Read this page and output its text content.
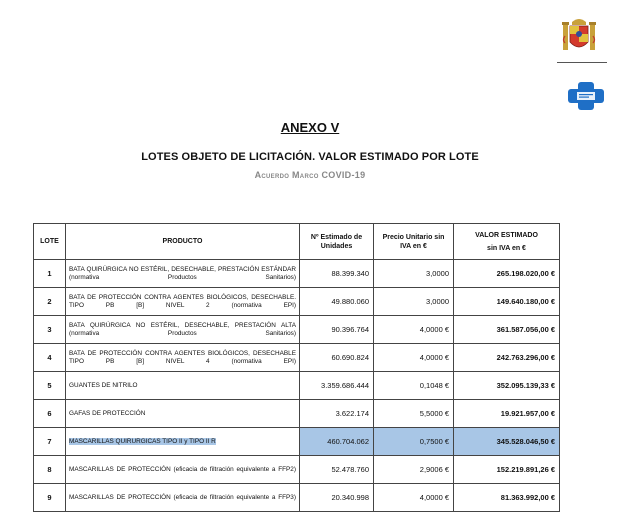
ANEXO V
LOTES OBJETO DE LICITACIÓN. VALOR ESTIMADO POR LOTE
Acuerdo Marco COVID-19
LOTE	PRODUCTO	Nº Estimado de Unidades	Precio Unitario sin IVA en €	VALOR ESTIMADO
sin IVA en €

1	BATA QUIRÚRGICA NO ESTÉRIL, DESECHABLE, PRESTACIÓN ESTÁNDAR (normativa Productos Sanitarios)	88.399.340	3,0000	265.198.020,00 €
2	BATA DE PROTECCIÓN CONTRA AGENTES BIOLÓGICOS, DESECHABLE. TIPO PB [B] NIVEL 2 (normativa EPI)	49.880.060	3,0000	149.640.180,00 €
3	BATA QUIRÚRGICA NO ESTÉRIL, DESECHABLE, PRESTACIÓN ALTA (normativa Productos Sanitarios)	90.396.764	4,0000 €	361.587.056,00 €
4	BATA DE PROTECCIÓN CONTRA AGENTES BIOLÓGICOS, DESECHABLE TIPO PB [B] NIVEL 4 (normativa EPI)	60.690.824	4,0000 €	242.763.296,00 €
5	GUANTES DE NITRILO	3.359.686.444	0,1048 €	352.095.139,33 €
6	GAFAS DE PROTECCIÓN	3.622.174	5,5000 €	19.921.957,00 €
7	MASCARILLAS QUIRURGICAS TIPO II y TIPO II R	460.704.062	0,7500 €	345.528.046,50 €
8	MASCARILLAS DE PROTECCIÓN (eficacia de filtración equivalente a FFP2)	52.478.760	2,9006 €	152.219.891,26 €
9	MASCARILLAS DE PROTECCIÓN (eficacia de filtración equivalente a FFP3)	20.340.998	4,0000 €	81.363.992,00 €
